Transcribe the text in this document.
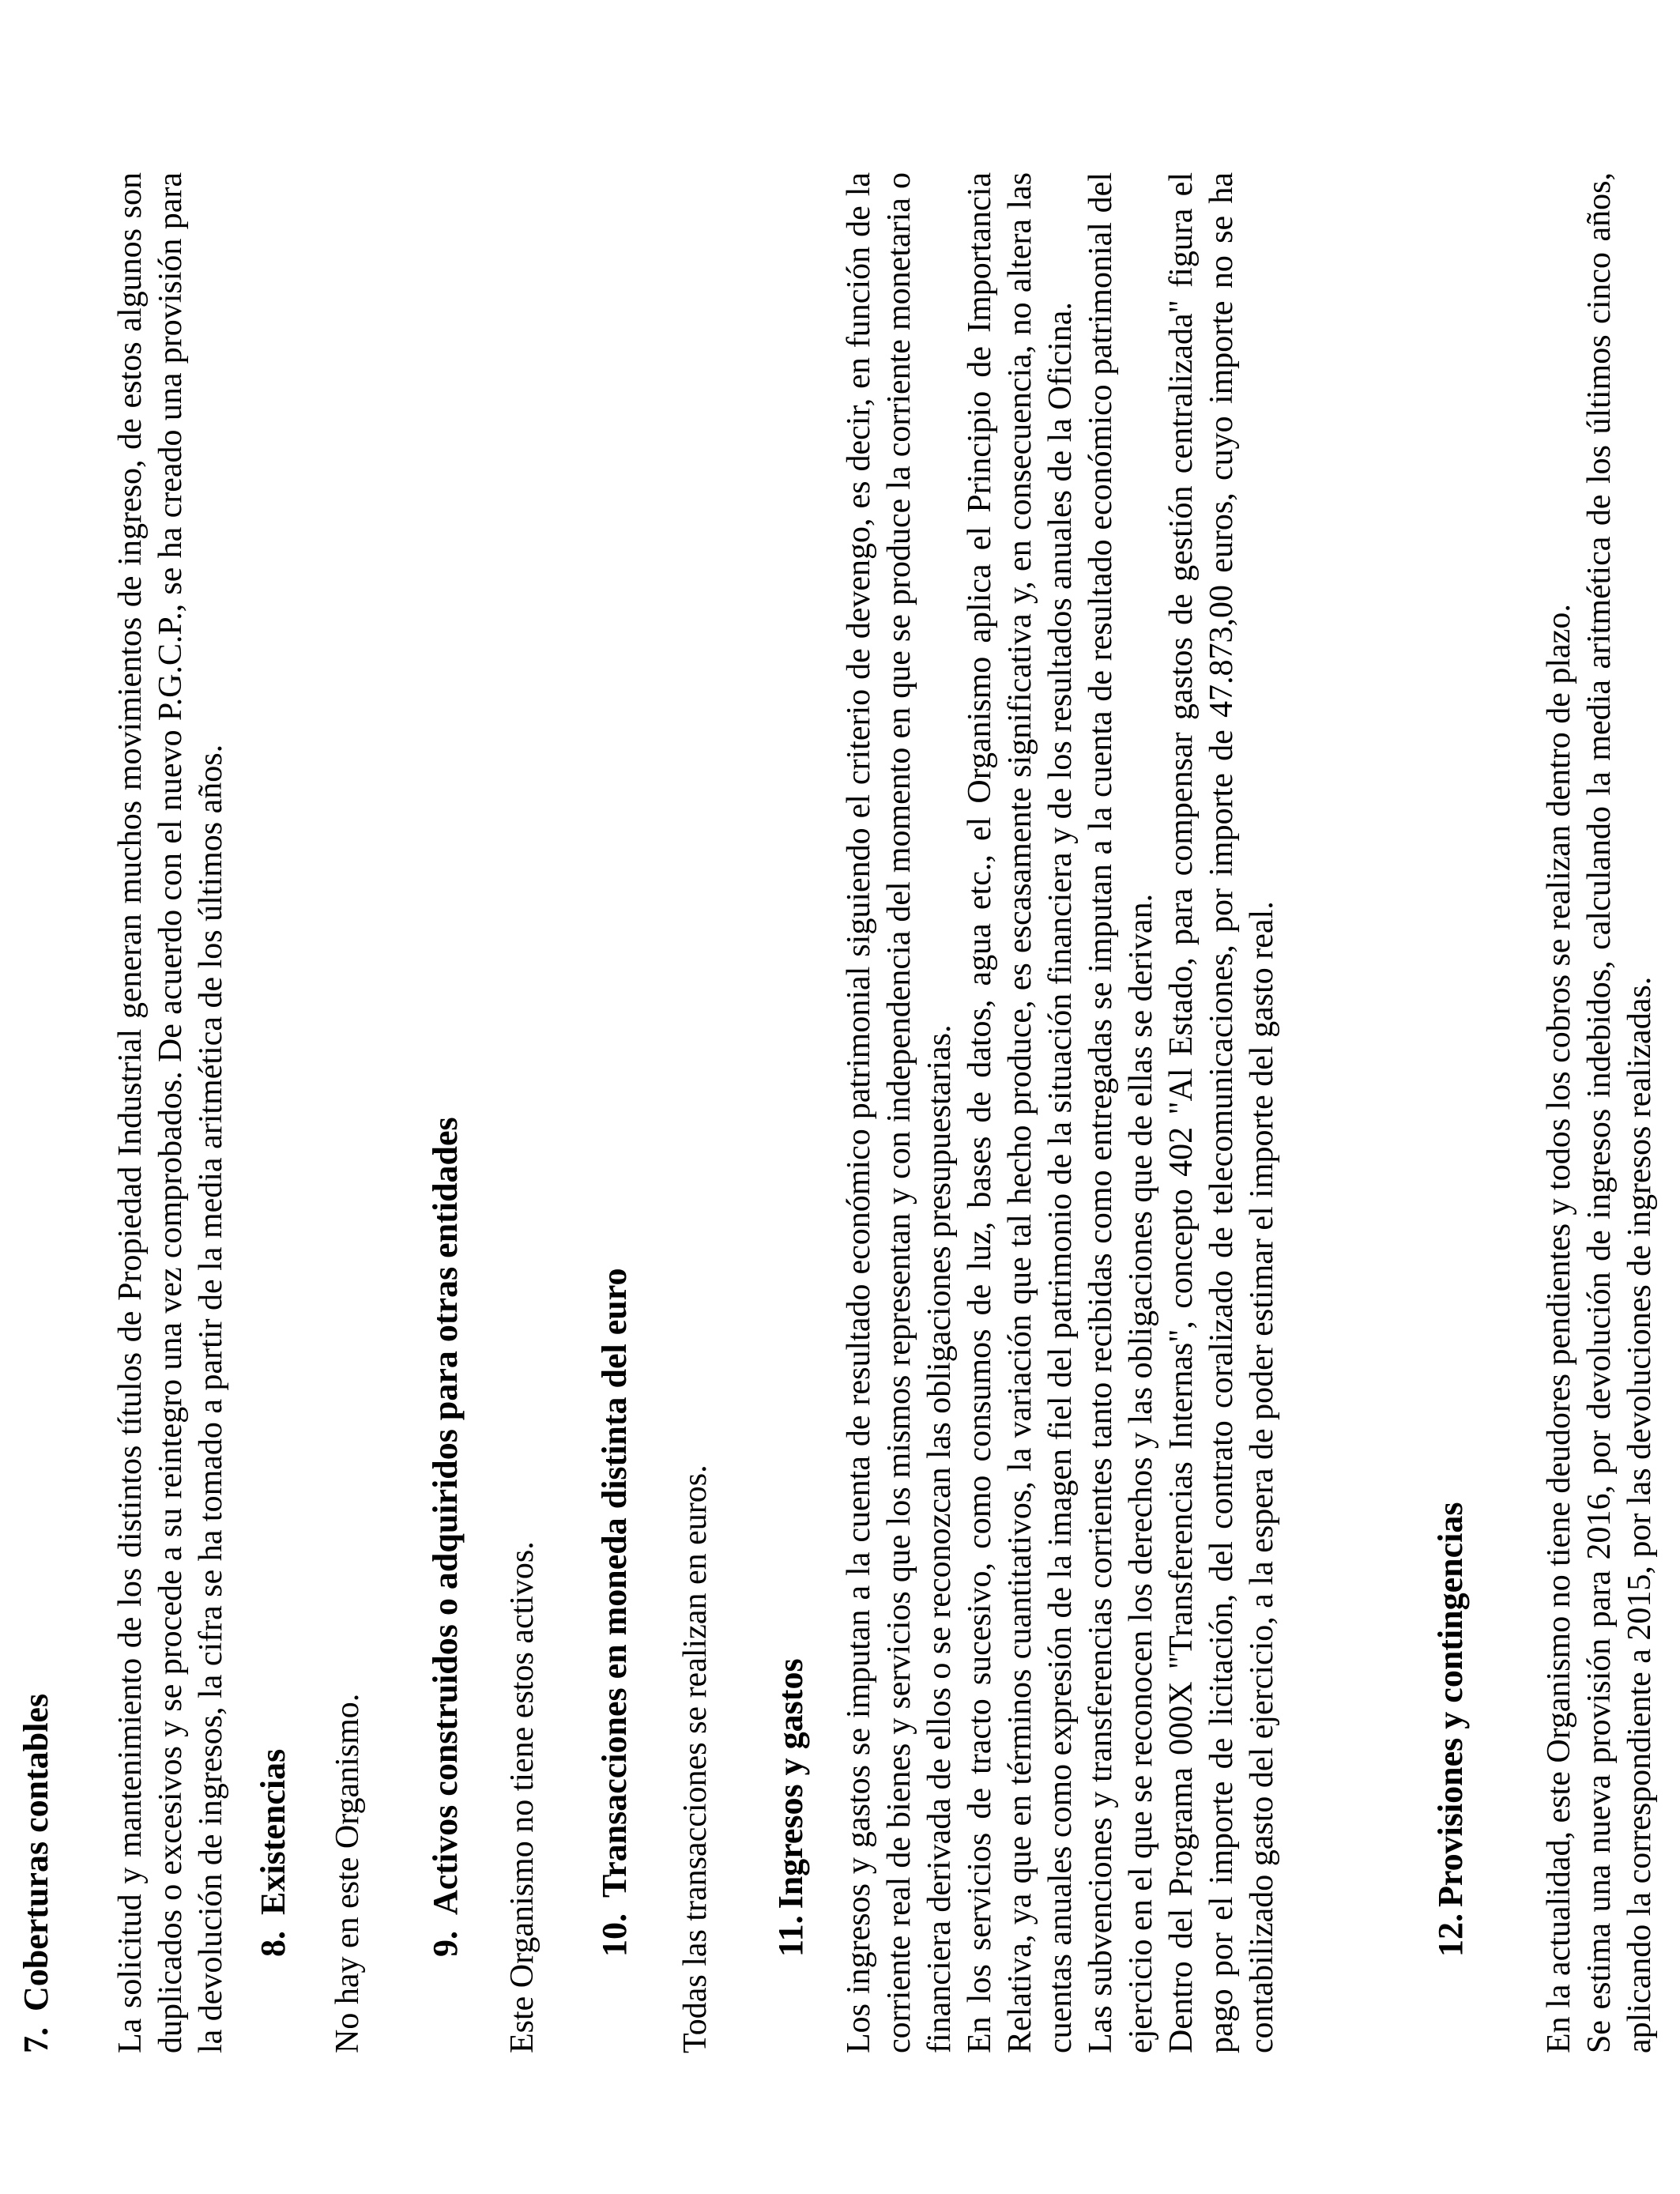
7.Coberturas contables La solicitud y mantenimiento de los distintos títulos de Propiedad Industrial generan muchos movimientos de ingreso, de estos algunos son duplicados o excesivos y se procede a su reintegro una vez comprobados. De acuerdo con el nuevo P.G.C.P., se ha creado una provisión para la devolución de ingresos, la cifra se ha tomado a partir de la media aritmética de los últimos años. 8.Existencias No hay en este Organismo. 9.Activos construidos o adquiridos para otras entidades Este Organismo no tiene estos activos. 10.Transacciones en moneda distinta del euro Todas las transacciones se realizan en euros. 11.Ingresos y gastos Los ingresos y gastos se imputan a la cuenta de resultado económico patrimonial siguiendo el criterio de devengo, es decir, en función de la corriente real de bienes y servicios que los mismos representan y con independencia del momento en que se produce la corriente monetaria o financiera derivada de ellos o se reconozcan las obligaciones presupuestarias. En los servicios de tracto sucesivo, como consumos de luz, bases de datos, agua etc., el Organismo aplica el Principio de Importancia Relativa, ya que en términos cuantitativos, la variación que tal hecho produce, es escasamente significativa y, en consecuencia, no altera las cuentas anuales como expresión de la imagen fiel del patrimonio de la situación financiera y de los resultados anuales de la Oficina. Las subvenciones y transferencias corrientes tanto recibidas como entregadas se imputan a la cuenta de resultado económico patrimonial del ejercicio en el que se reconocen los derechos y las obligaciones que de ellas se derivan. Dentro del Programa 000X "Transferencias Internas", concepto 402 "Al Estado, para compensar gastos de gestión centralizada" figura el pago por el importe de licitación, del contrato coralizado de telecomunicaciones, por importe de 47.873,00 euros, cuyo importe no se ha contabilizado gasto del ejercicio, a la espera de poder estimar el importe del gasto real.	12.Provisiones y contingencias En la actualidad, este Organismo no tiene deudores pendientes y todos los cobros se realizan dentro de plazo. Se estima una nueva provisión para 2016, por devolución de ingresos indebidos, calculando la media aritmética de los últimos cinco años, aplicando la correspondiente a 2015, por las devoluciones de ingresos realizadas.
